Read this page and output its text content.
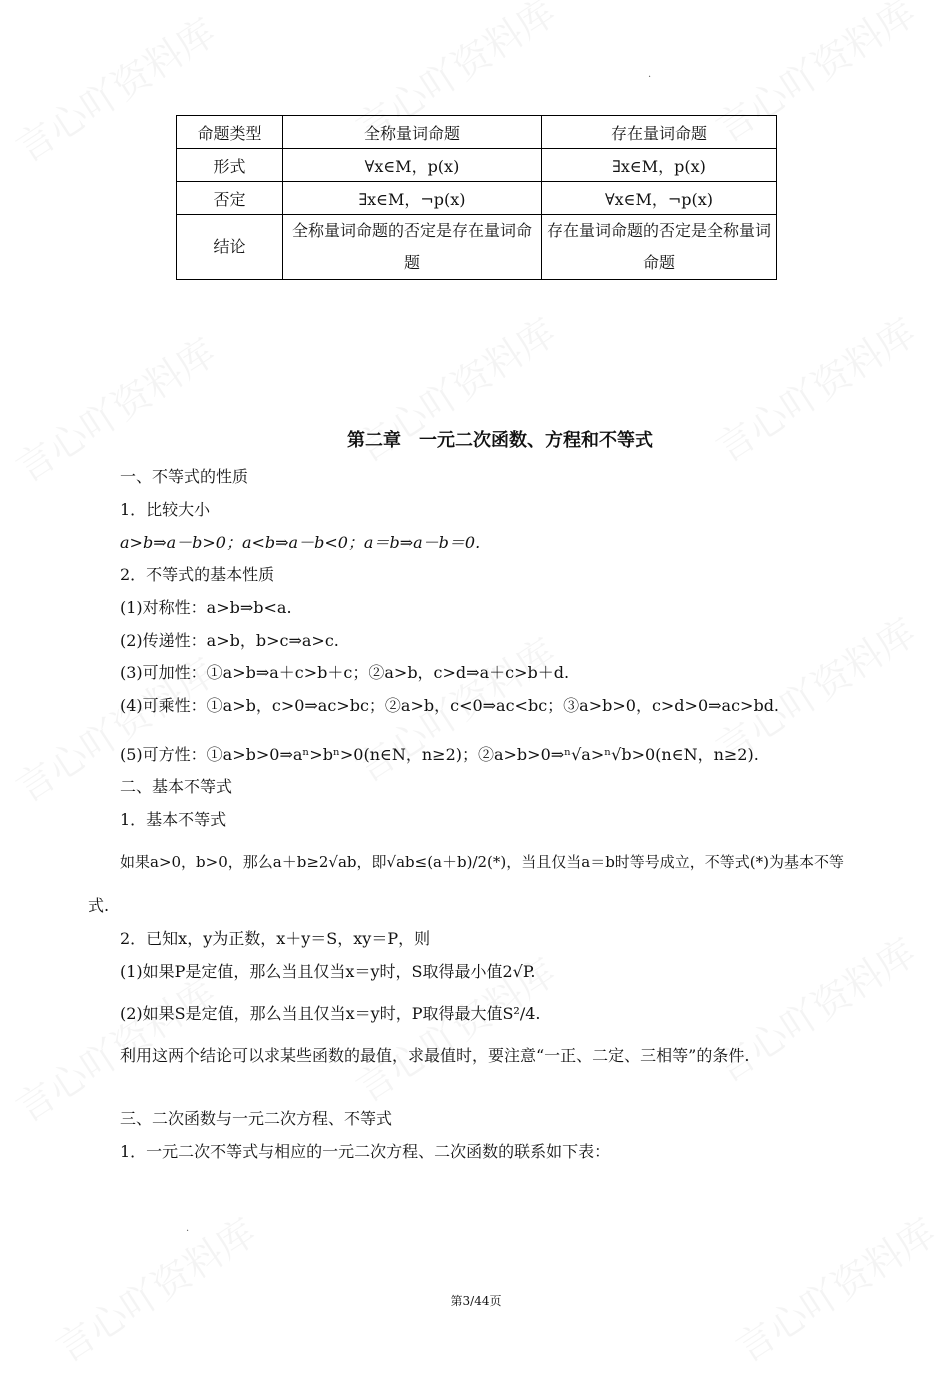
·
·
命题类型	全称量词命题	存在量词命题
形式	∀x∈M，p(x)	∃x∈M，p(x)
否定	∃x∈M，¬p(x)	∀x∈M，¬p(x)
结论	全称量词命题的否定是存在量词命题	存在量词命题的否定是全称量词命题
第二章　一元二次函数、方程和不等式
一、不等式的性质
1．比较大小
a>b⇒a－b>0；a<b⇒a－b<0；a＝b⇒a－b＝0.
2．不等式的基本性质
(1)对称性：a>b⇒b<a.
(2)传递性：a>b，b>c⇒a>c.
(3)可加性：①a>b⇒a＋c>b＋c；②a>b，c>d⇒a＋c>b＋d.
(4)可乘性：①a>b，c>0⇒ac>bc；②a>b，c<0⇒ac<bc；③a>b>0，c>d>0⇒ac>bd.
(5)可方性：①a>b>0⇒aⁿ>bⁿ>0(n∈N，n≥2)；②a>b>0⇒ⁿ√a>ⁿ√b>0(n∈N，n≥2).
二、基本不等式
1．基本不等式
如果a>0，b>0，那么a＋b≥2√ab，即√ab≤(a＋b)/2(*)，当且仅当a＝b时等号成立，不等式(*)为基本不等
式.
2．已知x，y为正数，x＋y＝S，xy＝P，则
(1)如果P是定值，那么当且仅当x＝y时，S取得最小值2√P.
(2)如果S是定值，那么当且仅当x＝y时，P取得最大值S²/4.
利用这两个结论可以求某些函数的最值，求最值时，要注意“一正、二定、三相等”的条件.
三、二次函数与一元二次方程、不等式
1．一元二次不等式与相应的一元二次方程、二次函数的联系如下表：
第3/44页
